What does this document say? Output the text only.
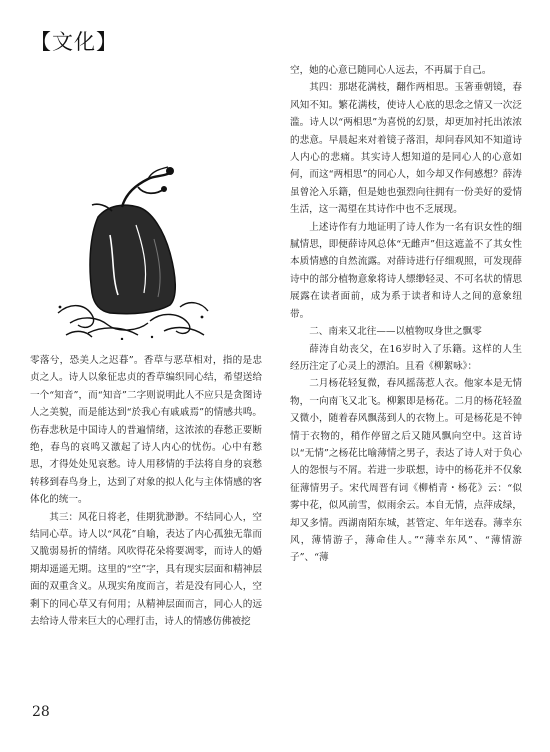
【文化】

零落兮，恐美人之迟暮”。香草与恶草相对，指的是忠贞之人。诗人以象征忠贞的香草编织同心结，希望送给一个“知音”，而“知音”二字则说明此人不应只是贪图诗人之美貌，而是能达到“於我心有戚戚焉”的情感共鸣。伤春悲秋是中国诗人的普遍情绪，这浓浓的春愁正要断绝，春鸟的哀鸣又激起了诗人内心的忧伤。心中有愁思，才得处处见哀愁。诗人用移情的手法将自身的哀愁转移到春鸟身上，达到了对象的拟人化与主体情感的客体化的统一。

其三：风花日将老，佳期犹渺渺。不结同心人，空结同心草。诗人以“风花”自喻，表达了内心孤独无靠而又脆弱易折的情绪。风吹得花朵将要凋零，而诗人的婚期却遥遥无期。这里的“空”字，具有现实层面和精神层面的双重含义。从现实角度而言，若是没有同心人，空剩下的同心草又有何用；从精神层面而言，同心人的远去给诗人带来巨大的心理打击，诗人的情感仿佛被挖

空，她的心意已随同心人远去，不再属于自己。

其四：那堪花满枝，翻作两相思。玉箸垂朝镜，春风知不知。繁花满枝，使诗人心底的思念之情又一次泛滥。诗人以“两相思”为喜悦的幻景，却更加衬托出浓浓的悲意。早晨起来对着镜子落泪，却问春风知不知道诗人内心的悲痛。其实诗人想知道的是同心人的心意如何，而这“两相思”的同心人，如今却又作何感想？薛涛虽曾沦入乐籍，但是她也强烈向往拥有一份美好的爱情生活，这一渴望在其诗作中也不乏展现。

上述诗作有力地证明了诗人作为一名有识女性的细腻情思，即便薛诗风总体“无雌声”但这遮盖不了其女性本质情感的自然流露。对薛诗进行仔细观照，可发现薛诗中的部分植物意象将诗人缥缈轻灵、不可名状的情思展露在读者面前，成为系于读者和诗人之间的意象纽带。

二、南来又北往——以植物叹身世之飘零

薛涛自幼丧父，在16岁时入了乐籍。这样的人生经历注定了心灵上的漂泊。且看《柳絮咏》：

二月杨花轻复微，春风摇荡惹人衣。他家本是无情物，一向南飞又北飞。柳絮即是杨花。二月的杨花轻盈又微小，随着春风飘荡到人的衣物上。可是杨花是不钟情于衣物的，稍作停留之后又随风飘向空中。这首诗以“无情”之杨花比喻薄情之男子，表达了诗人对于负心人的怨恨与不屑。若进一步联想，诗中的杨花并不仅象征薄情男子。宋代周晋有词《柳梢青・杨花》云：“似雾中花，似风前雪，似雨余云。本自无情，点萍成绿，却又多情。西湖南陌东城，甚管定、年年送春。薄幸东风，薄情游子，薄命佳人。”“薄幸东风”、“薄情游子”、“薄

28
